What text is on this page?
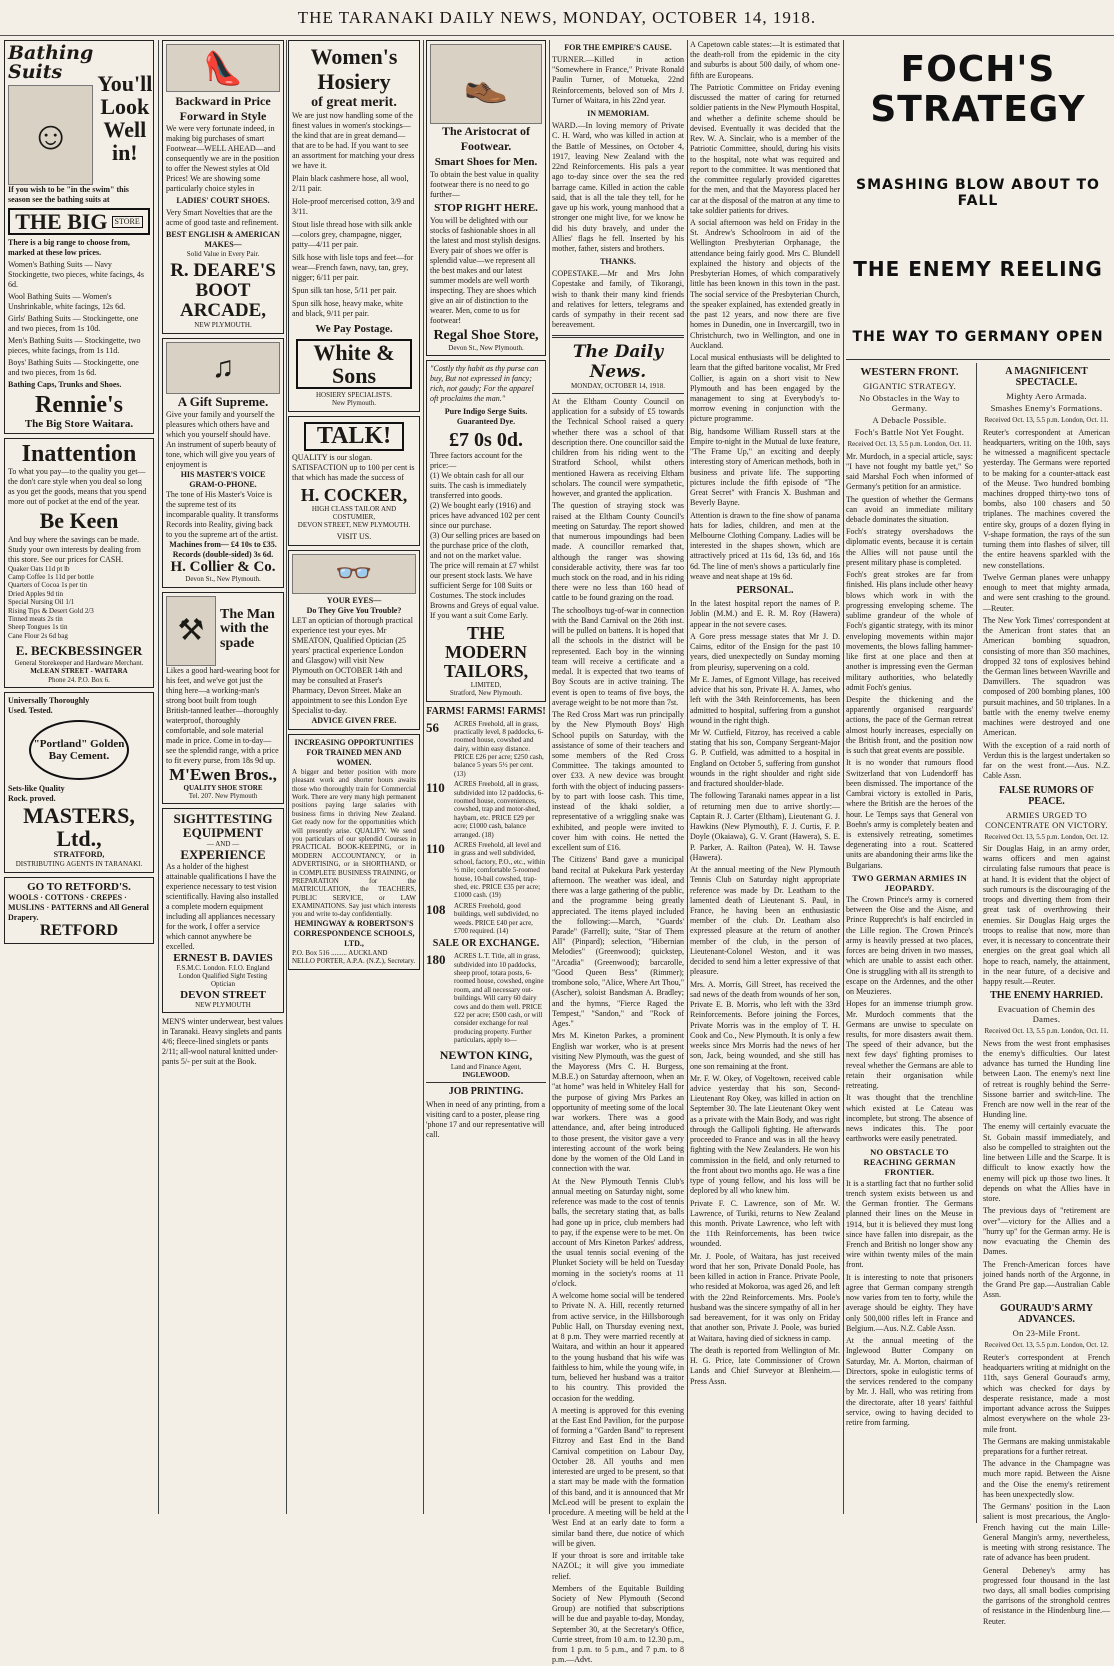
THE TARANAKI DAILY NEWS, MONDAY, OCTOBER 14, 1918.
Bathing Suits
☺
You'll
Look
Well
in!
If you wish to be "in the swim" this season see the bathing suits at
THE BIG STORE
There is a big range to choose from, marked at these low prices.
Women's Bathing Suits — Navy Stockingette, two pieces, white facings, 4s 6d.
Wool Bathing Suits — Women's Unshrinkable, white facings, 12s 6d.
Girls' Bathing Suits — Stockingette, one and two pieces, from 1s 10d.
Men's Bathing Suits — Stockingette, two pieces, white facings, from 1s 11d.
Boys' Bathing Suits — Stockingette, one and two pieces, from 1s 6d.
Bathing Caps, Trunks and Shoes.
Rennie's
The Big Store Waitara.
Inattention
To what you pay—to the quality you get—the don't care style when you deal so long as you get the goods, means that you spend more out of pocket at the end of the year.
Be Keen
And buy where the savings can be made. Study your own interests by dealing from this store. See our prices for CASH.
Quaker Oats 11d pt lb
Camp Coffee 1s 11d per bottle
Quarters of Cocoa 1s per tin
Dried Apples 9d tin
Special Nursing Oil 1/1
Rising Tips & Desert Gold 2/3
Tinned meats 2s tin
Sheep Tongues 1s tin
Cane Flour 2s 6d bag
E. BECKBESSINGER
General Storekeeper and Hardware Merchant.
McLEAN STREET - WAITARA
Phone 24. P.O. Box 6.
Universally Thoroughly
Used. Tested.
"Portland" Golden Bay Cement.
Sets-like Quality
Rock. proved.
MASTERS, Ltd.,
STRATFORD,
DISTRIBUTING AGENTS IN TARANAKI.
GO TO RETFORD'S.
WOOLS · COTTONS · CREPES · MUSLINS · PATTERNS and All General Drapery.
RETFORD
👠
Backward in Price
Forward in Style
We were very fortunate indeed, in making big purchases of smart Footwear—WELL AHEAD—and consequently we are in the position to offer the Newest styles at Old Prices! We are showing some particularly choice styles in
LADIES' COURT SHOES.
Very Smart Novelties that are the acme of good taste and refinement.
BEST ENGLISH & AMERICAN MAKES—
Solid Value in Every Pair.
R. DEARE'S BOOT ARCADE,
NEW PLYMOUTH.
♫
A Gift Supreme.
Give your family and yourself the pleasures which others have and which you yourself should have. An instrument of superb beauty of tone, which will give you years of enjoyment is
HIS MASTER'S VOICE GRAM-O-PHONE.
The tone of His Master's Voice is the supreme test of its incomparable quality. It transforms Records into Reality, giving back to you the supreme art of the artist.
Machines from— £4 10s to £35.
Records (double-sided) 3s 6d.
H. Collier & Co.
Devon St., New Plymouth.
⚒	The Man with the spade
Likes a good hard-wearing boot for his feet, and we've got just the thing here—a working-man's strong boot built from tough British-tanned leather—thoroughly waterproof, thoroughly comfortable, and sole material made in price. Come in to-day—see the splendid range, with a price to fit every purse, from 18s 9d up.
M'Ewen Bros.,
QUALITY SHOE STORE
Tel. 207. New Plymouth
SIGHTTESTING EQUIPMENT
— AND —
EXPERIENCE
As a holder of the highest attainable qualifications I have the experience necessary to test vision scientifically. Having also installed a complete modern equipment including all appliances necessary for the work, I offer a service which cannot anywhere be excelled.
ERNEST B. DAVIES
F.S.M.C. London. F.I.O. England
London Qualified Sight Testing Optician
DEVON STREET
NEW PLYMOUTH
MEN'S winter underwear, best values in Taranaki. Heavy singlets and pants 4/6; fleece-lined singlets or pants 2/11; all-wool natural knitted under-pants 5/- per suit at the Book.
Women's Hosiery
of great merit.
We are just now handling some of the finest values in women's stockings—the kind that are in great demand—that are to be had. If you want to see an assortment for matching your dress we have it.
Plain black cashmere hose, all wool, 2/11 pair.
Hole-proof mercerised cotton, 3/9 and 3/11.
Stout lisle thread hose with silk ankle—colors grey, champagne, nigger, patty—4/11 per pair.
Silk hose with lisle tops and feet—for wear—French fawn, navy, tan, grey, nigger; 6/11 per pair.
Spun silk tan hose, 5/11 per pair.
Spun silk hose, heavy make, white and black, 9/11 per pair.
We Pay Postage.
White & Sons
HOSIERY SPECIALISTS.
New Plymouth.
TALK!
QUALITY is our slogan. SATISFACTION up to 100 per cent is that which has made the success of
H. COCKER,
HIGH CLASS TAILOR AND COSTUMIER,
DEVON STREET, NEW PLYMOUTH.
VISIT US.
👓
YOUR EYES—
Do They Give You Trouble?
LET an optician of thorough practical experience test your eyes. Mr SMEATON, Qualified Optician (25 years' practical experience London and Glasgow) will visit New Plymouth on OCTOBER 14th and may be consulted at Fraser's Pharmacy, Devon Street. Make an appointment to see this London Eye Specialist to-day.
ADVICE GIVEN FREE.
INCREASING OPPORTUNITIES FOR TRAINED MEN AND WOMEN.
A bigger and better position with more pleasant work and shorter hours awaits those who thoroughly train for Commercial Work. There are very many high permanent positions paying large salaries with business firms in thriving New Zealand. Get ready now for the opportunities which will presently arise. QUALIFY. We send you particulars of our splendid Courses in PRACTICAL BOOK-KEEPING, or in MODERN ACCOUNTANCY, or in ADVERTISING, or in SHORTHAND, or in COMPLETE BUSINESS TRAINING, or PREPARATION for the MATRICULATION, the TEACHERS, PUBLIC SERVICE, or LAW EXAMINATIONS. Say just which interests you and write to-day confidentially.
HEMINGWAY & ROBERTSON'S CORRESPONDENCE SCHOOLS, LTD.,
P.O. Box 516 ......... AUCKLAND
NELLO PORTER, A.P.A. (N.Z.), Secretary.
👞
The Aristocrat of Footwear.
Smart Shoes for Men.
To obtain the best value in quality footwear there is no need to go further—
STOP RIGHT HERE.
You will be delighted with our stocks of fashionable shoes in all the latest and most stylish designs. Every pair of shoes we offer is splendid value—we represent all the best makes and our latest summer models are well worth inspecting. They are shoes which give an air of distinction to the wearer. Men, come to us for footwear!
Regal Shoe Store,
Devon St., New Plymouth.
"Costly thy habit as thy purse can buy, But not expressed in fancy; rich, not gaudy; For the apparel oft proclaims the man."
Pure Indigo Serge Suits. Guaranteed Dye.
£7 0s 0d.
Three factors account for the price:—
(1) We obtain cash for all our suits. The cash is immediately transferred into goods.
(2) We bought early (1916) and prices have advanced 102 per cent since our purchase.
(3) Our selling prices are based on the purchase price of the cloth, and not on the market value.
The price will remain at £7 whilst our present stock lasts. We have sufficient Serge for 108 Suits or Costumes. The stock includes Browns and Greys of equal value. If you want a suit Come Early.
THE MODERN TAILORS,
LIMITED,
Stratford, New Plymouth.
FARMS! FARMS! FARMS!
56	ACRES Freehold, all in grass, practically level, 8 paddocks, 6-roomed house, cowshed and dairy, within easy distance. PRICE £26 per acre; £250 cash, balance 5 years 5½ per cent. (13)
110	ACRES Freehold, all in grass, subdivided into 12 paddocks, 6-roomed house, conveniences, cowshed, trap and motor-shed, haybarn, etc. PRICE £29 per acre; £1000 cash, balance arranged. (18)
110	ACRES Freehold, all level and in grass and well subdivided, school, factory, P.O., etc., within ½ mile; comfortable 5-roomed house, 10-bail cowshed, trap-shed, etc. PRICE £35 per acre; £1000 cash. (19)
108	ACRES Freehold, good buildings, well subdivided, no weeds. PRICE £40 per acre, £700 required. (14)
SALE OR EXCHANGE.
180	ACRES L.T. Title, all in grass, subdivided into 10 paddocks, sheep proof, totara posts, 6-roomed house, cowshed, engine room, and all necessary out-buildings. Will carry 60 dairy cows and do them well. PRICE £22 per acre; £500 cash, or will consider exchange for real producing property. Further particulars, apply to—
NEWTON KING,
Land and Finance Agent,
INGLEWOOD.
JOB PRINTING.
When in need of any printing, from a visiting card to a poster, please ring 'phone 17 and our representative will call.
FOR THE EMPIRE'S CAUSE.

TURNER.—Killed in action "Somewhere in France," Private Ronald Paulin Turner, of Motueka, 22nd Reinforcements, beloved son of Mrs J. Turner of Waitara, in his 22nd year.

IN MEMORIAM.

WARD.—In loving memory of Private C. H. Ward, who was killed in action at the Battle of Messines, on October 4, 1917, leaving New Zealand with the 22nd Reinforcements. His pals a year ago to-day since over the sea the red barrage came. Killed in action the cable said, that is all the tale they tell, for he gave up his work, young manhood that a stronger one might live, for we know he did his duty bravely, and under the Allies' flags he fell. Inserted by his mother, father, sisters and brothers.

THANKS.

COPESTAKE.—Mr and Mrs John Copestake and family, of Tikorangi, wish to thank their many kind friends and relatives for letters, telegrams and cards of sympathy in their recent sad bereavement.

The Daily News.
MONDAY, OCTOBER 14, 1918.

At the Eltham County Council on application for a subsidy of £5 towards the Technical School raised a query whether there was a school of that description there. One councillor said the children from his riding went to the Stratford School, whilst others mentioned Hawera as receiving Eltham scholars. The council were sympathetic, however, and granted the application.

The question of straying stock was raised at the Eltham County Council's meeting on Saturday. The report showed that numerous impoundings had been made. A councillor remarked that, although the ranger was showing considerable activity, there was far too much stock on the road, and in his riding there were no less than 160 head of cattle to be found grazing on the road.

The schoolboys tug-of-war in connection with the Band Carnival on the 26th inst. will be pulled on battens. It is hoped that all the schools in the district will be represented. Each boy in the winning team will receive a certificate and a medal. It is expected that two teams of Boy Scouts are in active training. The event is open to teams of five boys, the average weight to be not more than 7st.

The Red Cross Mart was run principally by the New Plymouth Boys' High School pupils on Saturday, with the assistance of some of their teachers and some members of the Red Cross Committee. The takings amounted to over £33. A new device was brought forth with the object of inducing passers-by to part with loose cash. This time, instead of the khaki soldier, a representative of a wriggling snake was exhibited, and people were invited to cover him with coins. He netted the excellent sum of £16.

The Citizens' Band gave a municipal band recital at Pukekura Park yesterday afternoon. The weather was ideal, and there was a large gathering of the public, and the programme being greatly appreciated. The items played included the following:—March, "Guards' Parade" (Farrell); suite, "Star of Them All" (Pinpard); selection, "Hibernian Melodies" (Greenwood); quickstep, "Arcadia" (Greenwood); barcarolle, "Good Queen Bess" (Rimmer); trombone solo, "Alice, Where Art Thou," (Ascher), soloist Bandsman A. Bradley; and the hymns, "Fierce Raged the Tempest," "Sandon," and "Rock of Ages."

Mrs M. Kineton Parkes, a prominent English war worker, who is at present visiting New Plymouth, was the guest of the Mayoress (Mrs C. H. Burgess, M.B.E.) on Saturday afternoon, when an "at home" was held in Whiteley Hall for the purpose of giving Mrs Parkes an opportunity of meeting some of the local war workers. There was a good attendance, and, after being introduced to those present, the visitor gave a very interesting account of the work being done by the women of the Old Land in connection with the war.

At the New Plymouth Tennis Club's annual meeting on Saturday night, some reference was made to the cost of tennis balls, the secretary stating that, as balls had gone up in price, club members had to pay, if the expense were to be met. On account of Mrs Kineton Parkes' address, the usual tennis social evening of the Plunket Society will be held on Tuesday morning in the society's rooms at 11 o'clock.

A welcome home social will be tendered to Private N. A. Hill, recently returned from active service, in the Hillsborough Public Hall, on Thursday evening next, at 8 p.m. They were married recently at Waitara, and within an hour it appeared to the young husband that his wife was faithless to him, while the young wife, in turn, believed her husband was a traitor to his country. This provided the occasion for the wedding.

A meeting is approved for this evening at the East End Pavilion, for the purpose of forming a "Garden Band" to represent Fitzroy and East End in the Band Carnival competition on Labour Day, October 28. All youths and men interested are urged to be present, so that a start may be made with the formation of this band, and it is announced that Mr McLeod will be present to explain the procedure. A meeting will be held at the West End at an early date to form a similar band there, due notice of which will be given.

If your throat is sore and irritable take NAZOL; it will give you immediate relief.

Members of the Equitable Building Society of New Plymouth (Second Group) are notified that subscriptions will be due and payable to-day, Monday, September 30, at the Secretary's Office, Currie street, from 10 a.m. to 12.30 p.m., from 1 p.m. to 5 p.m., and 7 p.m. to 8 p.m.—Advt.

A Capetown cable states:—It is estimated that the death-roll from the epidemic in the city and suburbs is about 500 daily, of whom one-fifth are Europeans.

The Patriotic Committee on Friday evening discussed the matter of caring for returned soldier patients in the New Plymouth Hospital, and whether a definite scheme should be devised. Eventually it was decided that the Rev. W. A. Sinclair, who is a member of the Patriotic Committee, should, during his visits to the hospital, note what was required and report to the committee. It was mentioned that the committee regularly provided cigarettes for the men, and that the Mayoress placed her car at the disposal of the matron at any time to take soldier patients for drives.

A social afternoon was held on Friday in the St. Andrew's Schoolroom in aid of the Wellington Presbyterian Orphanage, the attendance being fairly good. Mrs C. Blundell explained the history and objects of the Presbyterian Homes, of which comparatively little has been known in this town in the past. The social service of the Presbyterian Church, the speaker explained, has extended greatly in the past 12 years, and now there are five homes in Dunedin, one in Invercargill, two in Christchurch, two in Wellington, and one in Auckland.

Local musical enthusiasts will be delighted to learn that the gifted baritone vocalist, Mr Fred Collier, is again on a short visit to New Plymouth and has been engaged by the management to sing at Everybody's to-morrow evening in conjunction with the picture programme.

Big, handsome William Russell stars at the Empire to-night in the Mutual de luxe feature, "The Frame Up," an exciting and deeply interesting story of American methods, both in business and private life. The supporting pictures include the fifth episode of "The Great Secret" with Francis X. Bushman and Beverly Bayne.

Attention is drawn to the fine show of panama hats for ladies, children, and men at the Melbourne Clothing Company. Ladies will be interested in the shapes shown, which are attractively priced at 11s 6d, 13s 6d, and 16s 6d. The line of men's shows a particularly fine weave and neat shape at 19s 6d.

PERSONAL.

In the latest hospital report the names of P. Joblin (M.M.) and E. R. M. Roy (Hawera) appear in the not severe cases.

A Gore press message states that Mr J. D. Cairns, editor of the Ensign for the past 10 years, died unexpectedly on Sunday morning from pleurisy, supervening on a cold.

Mr E. James, of Egmont Village, has received advice that his son, Private H. A. James, who left with the 34th Reinforcements, has been admitted to hospital, suffering from a gunshot wound in the right thigh.

Mr W. Cutfield, Fitzroy, has received a cable stating that his son, Company Sergeant-Major G. P. Cutfield, was admitted to a hospital in England on October 5, suffering from gunshot wounds in the right shoulder and right side and fractured shoulder-blade.

The following Taranaki names appear in a list of returning men due to arrive shortly:—Captain R. J. Carter (Eltham), Lieutenant G. J. Hawkins (New Plymouth), F. J. Curtis, F. P. Doyle (Okaiawa), G. V. Grant (Hawera), S. E. P. Parker, A. Railton (Patea), W. H. Tawse (Hawera).

At the annual meeting of the New Plymouth Tennis Club on Saturday night appropriate reference was made by Dr. Leatham to the lamented death of Lieutenant S. Paul, in France, he having been an enthusiastic member of the club. Dr. Leatham also expressed pleasure at the return of another member of the club, in the person of Lieutenant-Colonel Weston, and it was decided to send him a letter expressive of that pleasure.

Mrs. A. Morris, Gill Street, has received the sad news of the death from wounds of her son, Private E. B. Morris, who left with the 33rd Reinforcements. Before joining the Forces, Private Morris was in the employ of T. H. Cook and Co., New Plymouth. It is only a few weeks since Mrs Morris had the news of her son, Jack, being wounded, and she still has one son remaining at the front.

Mr. F. W. Okey, of Vogeltown, received cable advice yesterday that his son, Second-Lieutenant Roy Okey, was killed in action on September 30. The late Lieutenant Okey went as a private with the Main Body, and was right through the Gallipoli fighting. He afterwards proceeded to France and was in all the heavy fighting with the New Zealanders. He won his commission in the field, and only returned to the front about two months ago. He was a fine type of young fellow, and his loss will be deplored by all who knew him.

Private F. C. Lawrence, son of Mr. W. Lawrence, of Turiki, returns to New Zealand this month. Private Lawrence, who left with the 11th Reinforcements, has been twice wounded.

Mr. J. Poole, of Waitara, has just received word that her son, Private Donald Poole, has been killed in action in France. Private Poole, who resided at Mokoroa, was aged 26, and left with the 22nd Reinforcements. Mrs. Poole's husband was the sincere sympathy of all in her sad bereavement, for it was only on Friday that another son, Private J. Poole, was buried at Waitara, having died of sickness in camp.

The death is reported from Wellington of Mr. H. G. Price, late Commissioner of Crown Lands and Chief Surveyor at Blenheim.—Press Assn.

FOCH'S STRATEGY
SMASHING BLOW ABOUT TO FALL
THE ENEMY REELING
THE WAY TO GERMANY OPEN
WESTERN FRONT.
GIGANTIC STRATEGY.
No Obstacles in the Way to Germany.
A Debacle Possible.
Foch's Battle Not Yet Fought.
Received Oct. 13, 5.5 p.m. London, Oct. 11.

Mr. Murdoch, in a special article, says: "I have not fought my battle yet," So said Marshal Foch when informed of Germany's petition for an armistice.

The question of whether the Germans can avoid an immediate military debacle dominates the situation.

Foch's strategy overshadows the diplomatic events, because it is certain the Allies will not pause until the present military phase is completed.

Foch's great strokes are far from finished. His plans include other heavy blows which work in with the progressing enveloping scheme. The sublime grandeur of the whole of Foch's gigantic strategy, with its minor enveloping movements within major movements, the blows falling hammer-like first at one place and then at another is impressing even the German military authorities, who belatedly admit Foch's genius.

Despite the thickening and the apparently organised rearguards' actions, the pace of the German retreat almost hourly increases, especially on the British front, and the position now is such that great events are possible.

It is no wonder that rumours flood Switzerland that von Ludendorff has been dismissed. The importance of the Cambrai victory is extolled in Paris, where the British are the heroes of the hour. Le Temps says that General von Boehn's army is completely beaten and is extensively retreating, sometimes degenerating into a rout. Scattered units are abandoning their arms like the Bulgarians.

TWO GERMAN ARMIES IN JEOPARDY.

The Crown Prince's army is cornered between the Oise and the Aisne, and Prince Rupprecht's is half encircled in the Lille region. The Crown Prince's army is heavily pressed at two places, forces are being driven in two masses, which are unable to assist each other. One is struggling with all its strength to escape on the Ardennes, and the other on Meuzieres.

Hopes for an immense triumph grow. Mr. Murdoch comments that the Germans are unwise to speculate on results, for more disasters await them. The speed of their advance, but the next few days' fighting promises to reveal whether the Germans are able to retain their organisation while retreating.

It was thought that the trenchline which existed at Le Cateau was incomplete, but strong. The absence of news indicates this. The poor earthworks were easily penetrated.

NO OBSTACLE TO REACHING GERMAN FRONTIER.

It is a startling fact that no further solid trench system exists between us and the German frontier. The Germans planned their lines on the Meuse in 1914, but it is believed they must long since have fallen into disrepair, as the French and British no longer show any wire within twenty miles of the main front.

It is interesting to note that prisoners agree that German company strength now varies from ten to forty, while the average should be eighty. They have only 500,000 rifles left in France and Belgium.—Aus. N.Z. Cable Assn.

At the annual meeting of the Inglewood Butter Company on Saturday, Mr. A. Morton, chairman of Directors, spoke in eulogistic terms of the services rendered to the company by Mr. J. Hall, who was retiring from the directorate, after 18 years' faithful service, owing to having decided to retire from farming.

A MAGNIFICENT SPECTACLE.
Mighty Aero Armada.
Smashes Enemy's Formations.
Received Oct. 13, 5.5 p.m. London, Oct. 11.

Reuter's correspondent at American headquarters, writing on the 10th, says he witnessed a magnificent spectacle yesterday. The Germans were reported to be making for a counter-attack east of the Meuse. Two hundred bombing machines dropped thirty-two tons of bombs, also 100 chasers and 50 triplanes. The machines covered the entire sky, groups of a dozen flying in V-shape formation, the rays of the sun turning them into flashes of silver, till the entire heavens sparkled with the new constellations.

Twelve German planes were unhappy enough to meet that mighty armada, and were sent crashing to the ground.—Reuter.

The New York Times' correspondent at the American front states that an American bombing squadron, consisting of more than 350 machines, dropped 32 tons of explosives behind the German lines between Wavrille and Damvillers. The squadron was composed of 200 bombing planes, 100 pursuit machines, and 50 triplanes. In a battle with the enemy twelve enemy machines were destroyed and one American.

With the exception of a raid north of Verdun this is the largest undertaken so far on the west front.—Aus. N.Z. Cable Assn.

FALSE RUMORS OF PEACE.
ARMIES URGED TO CONCENTRATE ON VICTORY.
Received Oct. 13, 5.5 p.m. London, Oct. 12.

Sir Douglas Haig, in an army order, warns officers and men against circulating false rumours that peace is at hand. It is evident that the object of such rumours is the discouraging of the troops and diverting them from their great task of overthrowing their enemies. Sir Douglas Haig urges the troops to realise that now, more than ever, it is necessary to concentrate their energies on the great goal which all hope to reach, namely, the attainment, in the near future, of a decisive and happy result.—Reuter.

THE ENEMY HARRIED.
Evacuation of Chemin des Dames.
Received Oct. 13, 5.5 p.m. London, Oct. 11.

News from the west front emphasises the enemy's difficulties. Our latest advance has turned the Hunding line between Laon. The enemy's next line of retreat is roughly behind the Serre-Sissone barrier and switch-line. The French are now well in the rear of the Hunding line.

The enemy will certainly evacuate the St. Gobain massif immediately, and also be compelled to straighten out the line between Lille and the Scarpe. It is difficult to know exactly how the enemy will pick up those two lines. It depends on what the Allies have in store.

The previous days of "retirement are over"—victory for the Allies and a "hurry up" for the German army. He is now evacuating the Chemin des Dames.

The French-American forces have joined hands north of the Argonne, in the Grand Pre gap.—Australian Cable Assn.

GOURAUD'S ARMY ADVANCES.
On 23-Mile Front.
Received Oct. 13, 5.5 p.m. London, Oct. 12.

Reuter's correspondent at French headquarters writing at midnight on the 11th, says General Gouraud's army, which was checked for days by desperate resistance, made a most important advance across the Suippes almost everywhere on the whole 23-mile front.

The Germans are making unmistakable preparations for a further retreat.

The advance in the Champagne was much more rapid. Between the Aisne and the Oise the enemy's retirement has been unexpectedly slow.

The Germans' position in the Laon salient is most precarious, the Anglo-French having cut the main Lille-General Mangin's army, nevertheless, is meeting with strong resistance. The rate of advance has been prudent.

General Debeney's army has progressed four thousand in the last two days, all small bodies comprising the garrisons of the stronghold centres of resistance in the Hindenburg line.—Reuter.
